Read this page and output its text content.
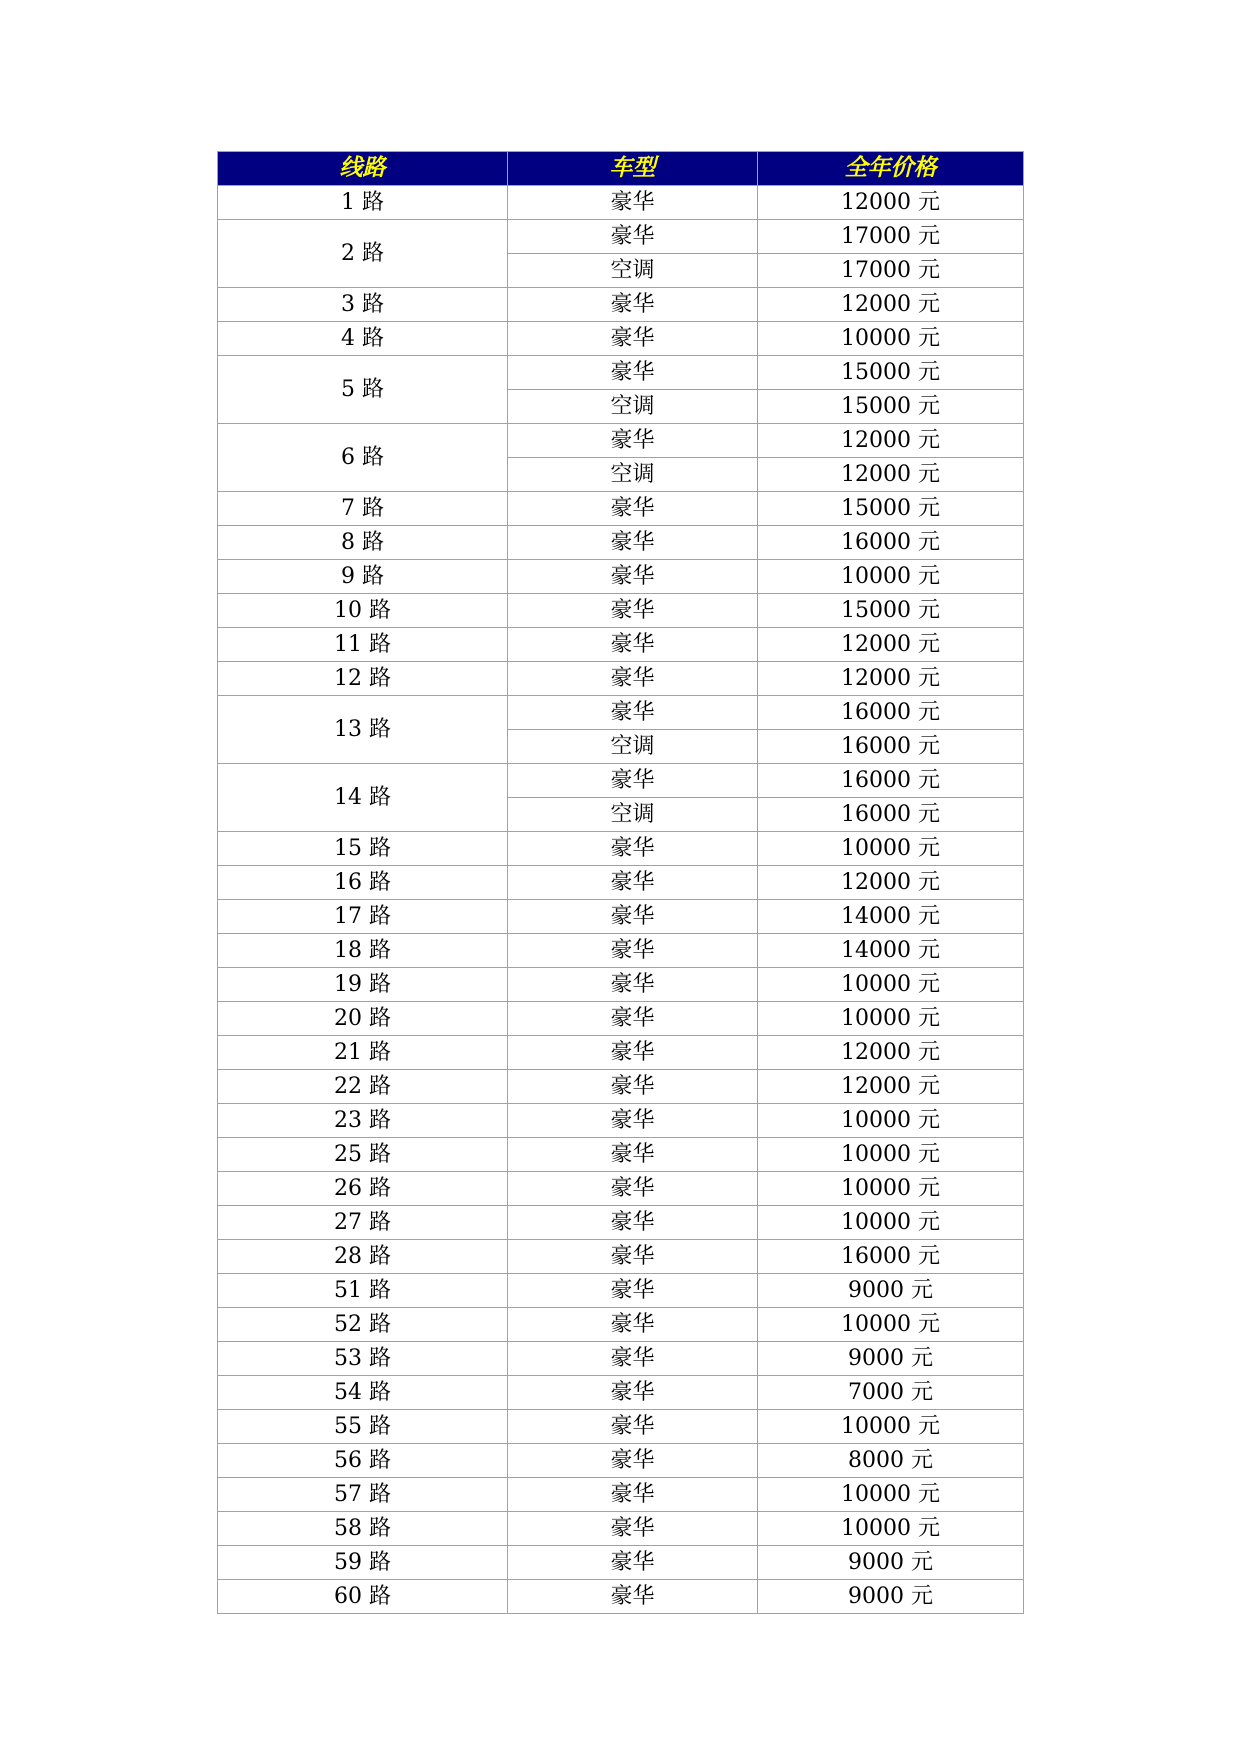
线路	车型	全年价格
1 路	豪华	12000 元
2 路	豪华	17000 元
	空调	17000 元
3 路	豪华	12000 元
4 路	豪华	10000 元
5 路	豪华	15000 元
	空调	15000 元
6 路	豪华	12000 元
	空调	12000 元
7 路	豪华	15000 元
8 路	豪华	16000 元
9 路	豪华	10000 元
10 路	豪华	15000 元
11 路	豪华	12000 元
12 路	豪华	12000 元
13 路	豪华	16000 元
	空调	16000 元
14 路	豪华	16000 元
	空调	16000 元
15 路	豪华	10000 元
16 路	豪华	12000 元
17 路	豪华	14000 元
18 路	豪华	14000 元
19 路	豪华	10000 元
20 路	豪华	10000 元
21 路	豪华	12000 元
22 路	豪华	12000 元
23 路	豪华	10000 元
25 路	豪华	10000 元
26 路	豪华	10000 元
27 路	豪华	10000 元
28 路	豪华	16000 元
51 路	豪华	9000 元
52 路	豪华	10000 元
53 路	豪华	9000 元
54 路	豪华	7000 元
55 路	豪华	10000 元
56 路	豪华	8000 元
57 路	豪华	10000 元
58 路	豪华	10000 元
59 路	豪华	9000 元
60 路	豪华	9000 元
